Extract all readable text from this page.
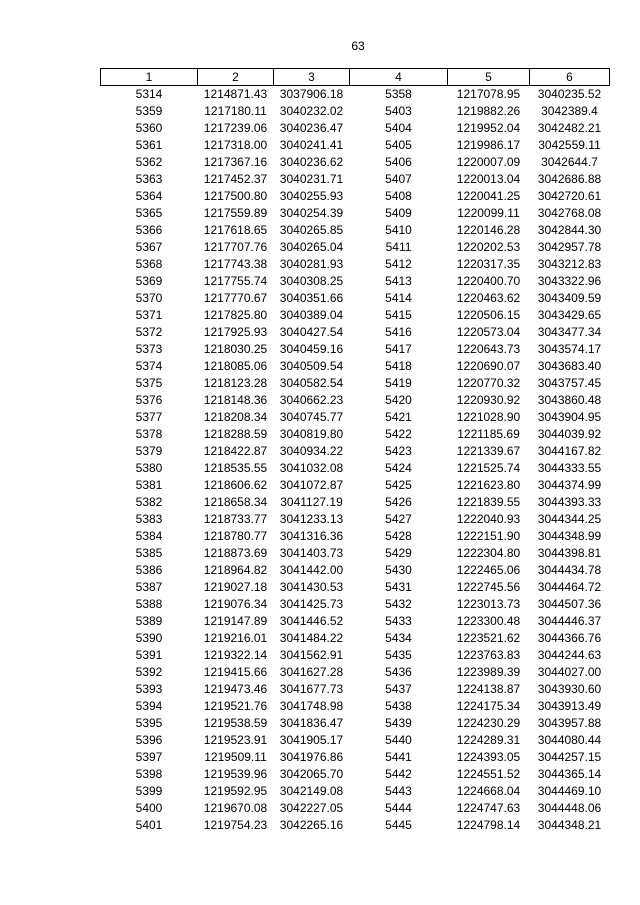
63
1	2	3	4	5	6
5314	1214871.43	3037906.18	5358	1217078.95	3040235.52
5359	1217180.11	3040232.02	5403	1219882.26	3042389.4
5360	1217239.06	3040236.47	5404	1219952.04	3042482.21
5361	1217318.00	3040241.41	5405	1219986.17	3042559.11
5362	1217367.16	3040236.62	5406	1220007.09	3042644.7
5363	1217452.37	3040231.71	5407	1220013.04	3042686.88
5364	1217500.80	3040255.93	5408	1220041.25	3042720.61
5365	1217559.89	3040254.39	5409	1220099.11	3042768.08
5366	1217618.65	3040265.85	5410	1220146.28	3042844.30
5367	1217707.76	3040265.04	5411	1220202.53	3042957.78
5368	1217743.38	3040281.93	5412	1220317.35	3043212.83
5369	1217755.74	3040308.25	5413	1220400.70	3043322.96
5370	1217770.67	3040351.66	5414	1220463.62	3043409.59
5371	1217825.80	3040389.04	5415	1220506.15	3043429.65
5372	1217925.93	3040427.54	5416	1220573.04	3043477.34
5373	1218030.25	3040459.16	5417	1220643.73	3043574.17
5374	1218085.06	3040509.54	5418	1220690.07	3043683.40
5375	1218123.28	3040582.54	5419	1220770.32	3043757.45
5376	1218148.36	3040662.23	5420	1220930.92	3043860.48
5377	1218208.34	3040745.77	5421	1221028.90	3043904.95
5378	1218288.59	3040819.80	5422	1221185.69	3044039.92
5379	1218422.87	3040934.22	5423	1221339.67	3044167.82
5380	1218535.55	3041032.08	5424	1221525.74	3044333.55
5381	1218606.62	3041072.87	5425	1221623.80	3044374.99
5382	1218658.34	3041127.19	5426	1221839.55	3044393.33
5383	1218733.77	3041233.13	5427	1222040.93	3044344.25
5384	1218780.77	3041316.36	5428	1222151.90	3044348.99
5385	1218873.69	3041403.73	5429	1222304.80	3044398.81
5386	1218964.82	3041442.00	5430	1222465.06	3044434.78
5387	1219027.18	3041430.53	5431	1222745.56	3044464.72
5388	1219076.34	3041425.73	5432	1223013.73	3044507.36
5389	1219147.89	3041446.52	5433	1223300.48	3044446.37
5390	1219216.01	3041484.22	5434	1223521.62	3044366.76
5391	1219322.14	3041562.91	5435	1223763.83	3044244.63
5392	1219415.66	3041627.28	5436	1223989.39	3044027.00
5393	1219473.46	3041677.73	5437	1224138.87	3043930.60
5394	1219521.76	3041748.98	5438	1224175.34	3043913.49
5395	1219538.59	3041836.47	5439	1224230.29	3043957.88
5396	1219523.91	3041905.17	5440	1224289.31	3044080.44
5397	1219509.11	3041976.86	5441	1224393.05	3044257.15
5398	1219539.96	3042065.70	5442	1224551.52	3044365.14
5399	1219592.95	3042149.08	5443	1224668.04	3044469.10
5400	1219670.08	3042227.05	5444	1224747.63	3044448.06
5401	1219754.23	3042265.16	5445	1224798.14	3044348.21
